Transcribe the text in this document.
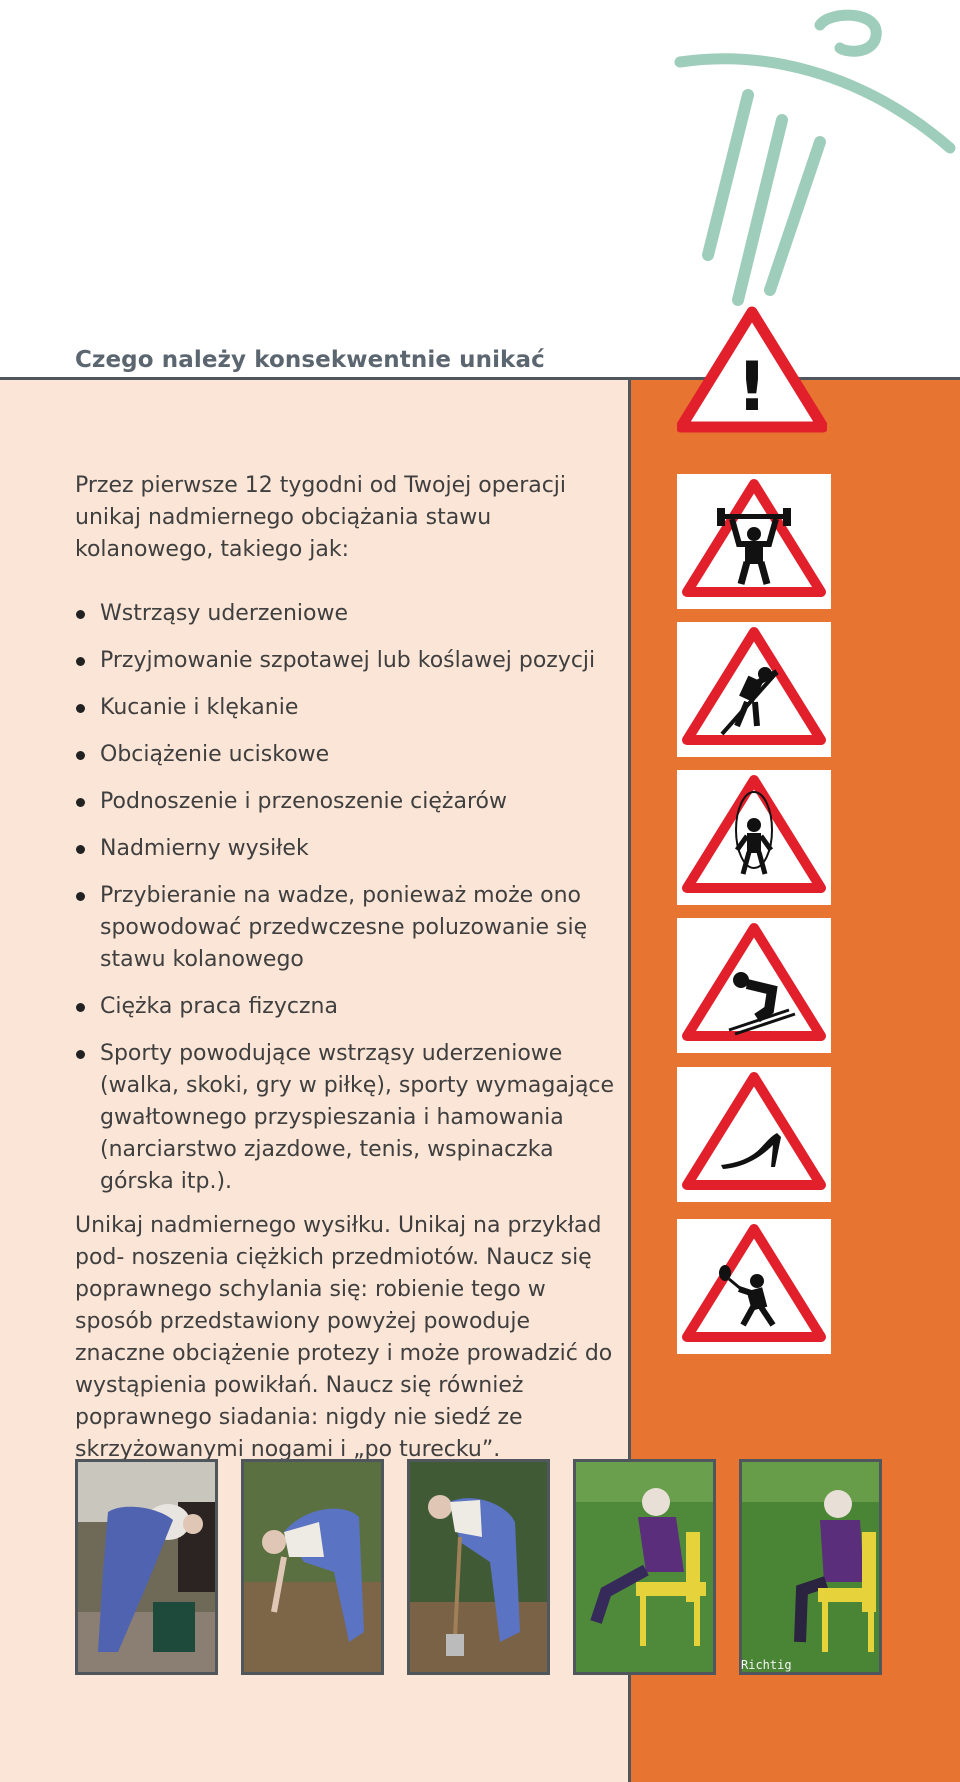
Czego należy konsekwentnie unikać	!
Przez pierwsze 12 tygodni od Twojej operacji unikaj nadmiernego obciążania stawu kolanowego, takiego jak:
Wstrząsy uderzeniowe
Przyjmowanie szpotawej lub koślawej pozycji
Kucanie i klękanie
Obciążenie uciskowe
Podnoszenie i przenoszenie ciężarów
Nadmierny wysiłek
Przybieranie na wadze, ponieważ może ono spowodować przedwczesne poluzowanie się stawu kolanowego
Ciężka praca fizyczna
Sporty powodujące wstrząsy uderzeniowe (walka, skoki, gry w piłkę), sporty wymagające gwałtownego przyspieszania i hamowania (narciarstwo zjazdowe, tenis, wspinaczka górska itp.).
Unikaj nadmiernego wysiłku. Unikaj na przykład pod- noszenia ciężkich przedmiotów. Naucz się poprawnego schylania się: robienie tego w sposób przedstawiony powyżej powoduje znaczne obciążenie protezy i może prowadzić do wystąpienia powikłań. Naucz się również poprawnego siadania: nigdy nie siedź ze skrzyżowanymi nogami i „po turecku”.
Richtig
